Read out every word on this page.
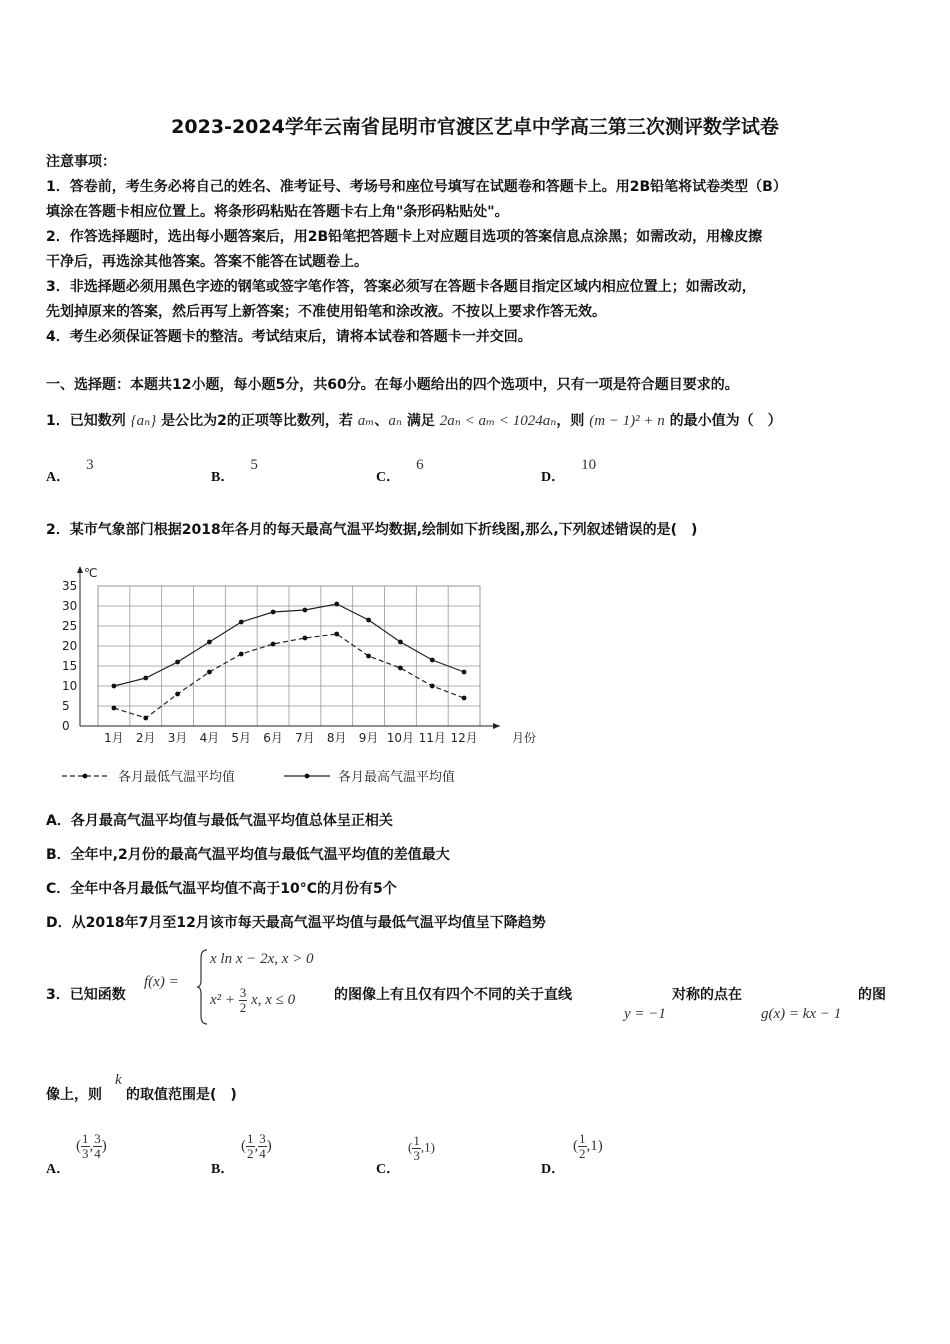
2023-2024学年云南省昆明市官渡区艺卓中学高三第三次测评数学试卷
注意事项：
1．答卷前，考生务必将自己的姓名、准考证号、考场号和座位号填写在试题卷和答题卡上。用2B铅笔将试卷类型（B）
填涂在答题卡相应位置上。将条形码粘贴在答题卡右上角"条形码粘贴处"。
2．作答选择题时，选出每小题答案后，用2B铅笔把答题卡上对应题目选项的答案信息点涂黑；如需改动，用橡皮擦
干净后，再选涂其他答案。答案不能答在试题卷上。
3．非选择题必须用黑色字迹的钢笔或签字笔作答，答案必须写在答题卡各题目指定区域内相应位置上；如需改动，
先划掉原来的答案，然后再写上新答案；不准使用铅笔和涂改液。不按以上要求作答无效。
4．考生必须保证答题卡的整洁。考试结束后，请将本试卷和答题卡一并交回。
一、选择题：本题共12小题，每小题5分，共60分。在每小题给出的四个选项中，只有一项是符合题目要求的。
1．已知数列 {aₙ} 是公比为2的正项等比数列，若 aₘ、aₙ 满足 2aₙ < aₘ < 1024aₙ，则 (m − 1)² + n 的最小值为（　）
A．3
B．5
C．6
D．10
2．某市气象部门根据2018年各月的每天最高气温平均数据,绘制如下折线图,那么,下列叙述错误的是(　)
℃
月份
0
5
10
15
20
25
30
35
1月 2月 3月 4月 5月 6月 7月 8月 9月 10月 11月 12月
各月最低气温平均值	各月最高气温平均值
A．各月最高气温平均值与最低气温平均值总体呈正相关
B．全年中,2月份的最高气温平均值与最低气温平均值的差值最大
C．全年中各月最低气温平均值不高于10°C的月份有5个
D．从2018年7月至12月该市每天最高气温平均值与最低气温平均值呈下降趋势
3．已知函数
f(x) =
x ln x − 2x, x > 0
$x^2 + \frac{3}{2} x$, x ≤ 0	的图像上有且仅有四个不同的关于直线
y = −1
对称的点在
g(x) = kx − 1
的图
像上，则
k
的取值范围是(　)
A．
( $\frac{1}{3}$ , $\frac{3}{4}$ )
B．
( $\frac{1}{2}$ , $\frac{3}{4}$ )
C．
( $\frac{1}{3} ,1$)
D．
( $\frac{1}{2} ,1$)
